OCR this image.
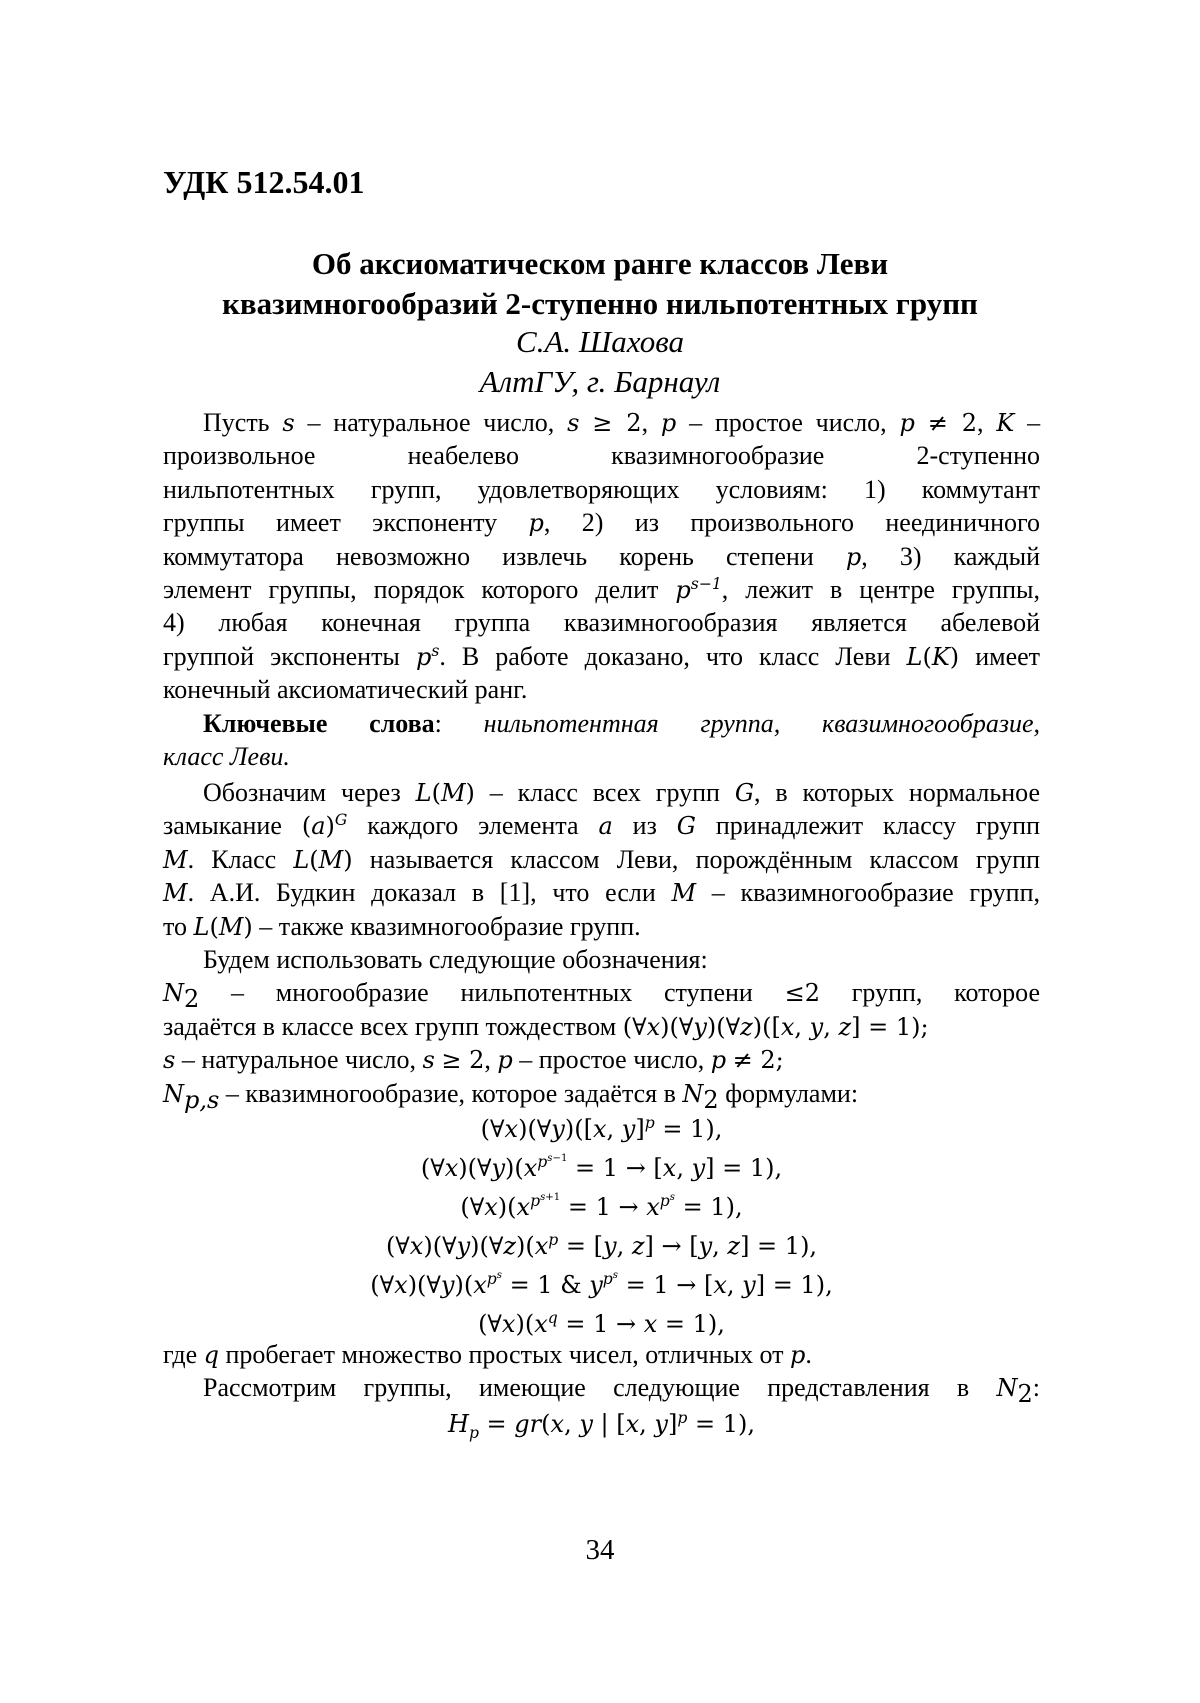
УДК 512.54.01
Об аксиоматическом ранге классов Леви
квазимногообразий 2-ступенно нильпотентных групп
С.А. Шахова
АлтГУ, г. Барнаул
Пусть s – натуральное число, s ≥ 2, p – простое число, p ≠ 2, K –
произвольное неабелево квазимногообразие 2-ступенно
нильпотентных групп, удовлетворяющих условиям: 1) коммутант
группы имеет экспоненту p, 2) из произвольного неединичного
коммутатора невозможно извлечь корень степени p, 3) каждый
элемент группы, порядок которого делит $p^{s-1}$, лежит в центре группы,
4) любая конечная группа квазимногообразия является абелевой
группой экспоненты $p^s$. В работе доказано, что класс Леви L(K) имеет
конечный аксиоматический ранг.
Ключевые слова: нильпотентная группа, квазимногообразие,
класс Леви.
Обозначим через L(M) – класс всех групп G, в которых нормальное
замыкание $(a)^G$ каждого элемента a из G принадлежит классу групп
M. Класс L(M) называется классом Леви, порождённым классом групп
M. А.И. Будкин доказал в [1], что если M – квазимногообразие групп,
то L(M) – также квазимногообразие групп.
Будем использовать следующие обозначения:
$N_2$ – многообразие нильпотентных ступени ≤2 групп, которое
задаётся в классе всех групп тождеством (∀x)(∀y)(∀z)([x, y, z] = 1);
s – натуральное число, s ≥ 2, p – простое число, p ≠ 2;
$N_{p,s}$ – квазимногообразие, которое задаётся в $N_2$ формулами:
(∀x)(∀y)([x, y]$^p$ = 1),
$(\forall x)(\forall y)(x^{p^{s-1}} = 1 \to [x$, y] = 1),
$(\forall x)(x^{p^{s+1}} = 1 \to x^{p^s} = 1)$,
$(\forall x)(\forall y)(\forall z)(x^p = [y$, z] → [y, z] = 1),
$(\forall x)(\forall y)(x^{p^s} = 1$ & $y^{p^s} = 1 \to [x$, y] = 1),
$(\forall x)(x^q = 1 \to x = 1)$,
где q пробегает множество простых чисел, отличных от p.
Рассмотрим группы, имеющие следующие представления в $N_2$:
$H_p = gr(x$, y | [x, y]$^p$ = 1),
34
